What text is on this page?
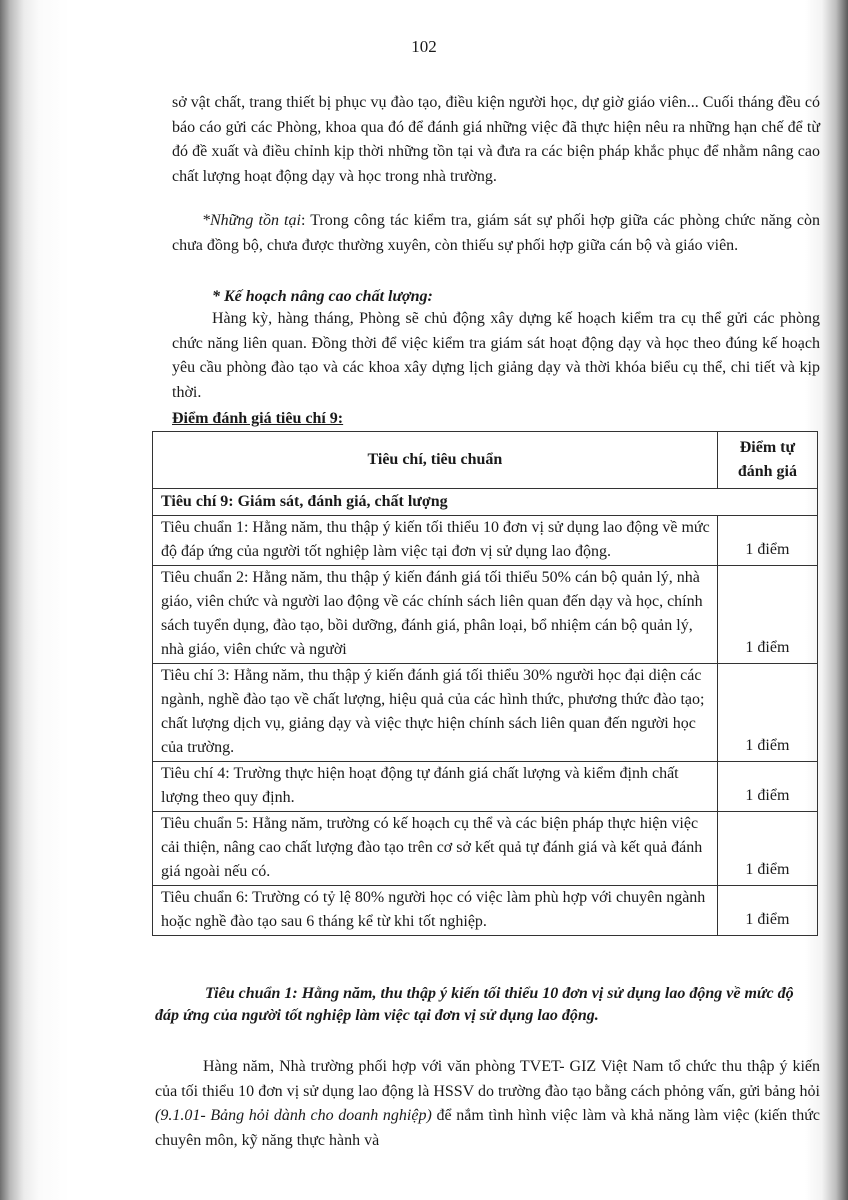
102

sở vật chất, trang thiết bị phục vụ đào tạo, điều kiện người học, dự giờ giáo viên... Cuối tháng đều có báo cáo gửi các Phòng, khoa qua đó để đánh giá những việc đã thực hiện nêu ra những hạn chế để từ đó đề xuất và điều chỉnh kịp thời những tồn tại và đưa ra các biện pháp khắc phục để nhằm nâng cao chất lượng hoạt động dạy và học trong nhà trường.

*Những tồn tại: Trong công tác kiểm tra, giám sát sự phối hợp giữa các phòng chức năng còn chưa đồng bộ, chưa được thường xuyên, còn thiếu sự phối hợp giữa cán bộ và giáo viên.

* Kế hoạch nâng cao chất lượng:

Hàng kỳ, hàng tháng, Phòng sẽ chủ động xây dựng kế hoạch kiểm tra cụ thể gửi các phòng chức năng liên quan. Đồng thời để việc kiểm tra giám sát hoạt động dạy và học theo đúng kế hoạch yêu cầu phòng đào tạo và các khoa xây dựng lịch giảng dạy và thời khóa biểu cụ thể, chi tiết và kịp thời.

Điểm đánh giá tiêu chí 9:
Tiêu chí, tiêu chuẩn	Điểm tự đánh giá
Tiêu chí 9: Giám sát, đánh giá, chất lượng	
Tiêu chuẩn 1: Hằng năm, thu thập ý kiến tối thiểu 10 đơn vị sử dụng lao động về mức độ đáp ứng của người tốt nghiệp làm việc tại đơn vị sử dụng lao động.	1 điểm
Tiêu chuẩn 2: Hằng năm, thu thập ý kiến đánh giá tối thiểu 50% cán bộ quản lý, nhà giáo, viên chức và người lao động về các chính sách liên quan đến dạy và học, chính sách tuyển dụng, đào tạo, bồi dưỡng, đánh giá, phân loại, bổ nhiệm cán bộ quản lý, nhà giáo, viên chức và người	1 điểm
Tiêu chí 3: Hằng năm, thu thập ý kiến đánh giá tối thiểu 30% người học đại diện các ngành, nghề đào tạo về chất lượng, hiệu quả của các hình thức, phương thức đào tạo; chất lượng dịch vụ, giảng dạy và việc thực hiện chính sách liên quan đến người học của trường.	1 điểm
Tiêu chí 4: Trường thực hiện hoạt động tự đánh giá chất lượng và kiểm định chất lượng theo quy định.	1 điểm
Tiêu chuẩn 5: Hằng năm, trường có kế hoạch cụ thể và các biện pháp thực hiện việc cải thiện, nâng cao chất lượng đào tạo trên cơ sở kết quả tự đánh giá và kết quả đánh giá ngoài nếu có.	1 điểm
Tiêu chuẩn 6: Trường có tỷ lệ 80% người học có việc làm phù hợp với chuyên ngành hoặc nghề đào tạo sau 6 tháng kể từ khi tốt nghiệp.	1 điểm
Tiêu chuẩn 1: Hằng năm, thu thập ý kiến tối thiểu 10 đơn vị sử dụng lao động về mức độ đáp ứng của người tốt nghiệp làm việc tại đơn vị sử dụng lao động.

Hàng năm, Nhà trường phối hợp với văn phòng TVET- GIZ Việt Nam tổ chức thu thập ý kiến của tối thiểu 10 đơn vị sử dụng lao động là HSSV do trường đào tạo bằng cách phỏng vấn, gửi bảng hỏi (9.1.01- Bảng hỏi dành cho doanh nghiệp) để nắm tình hình việc làm và khả năng làm việc (kiến thức chuyên môn, kỹ năng thực hành và
